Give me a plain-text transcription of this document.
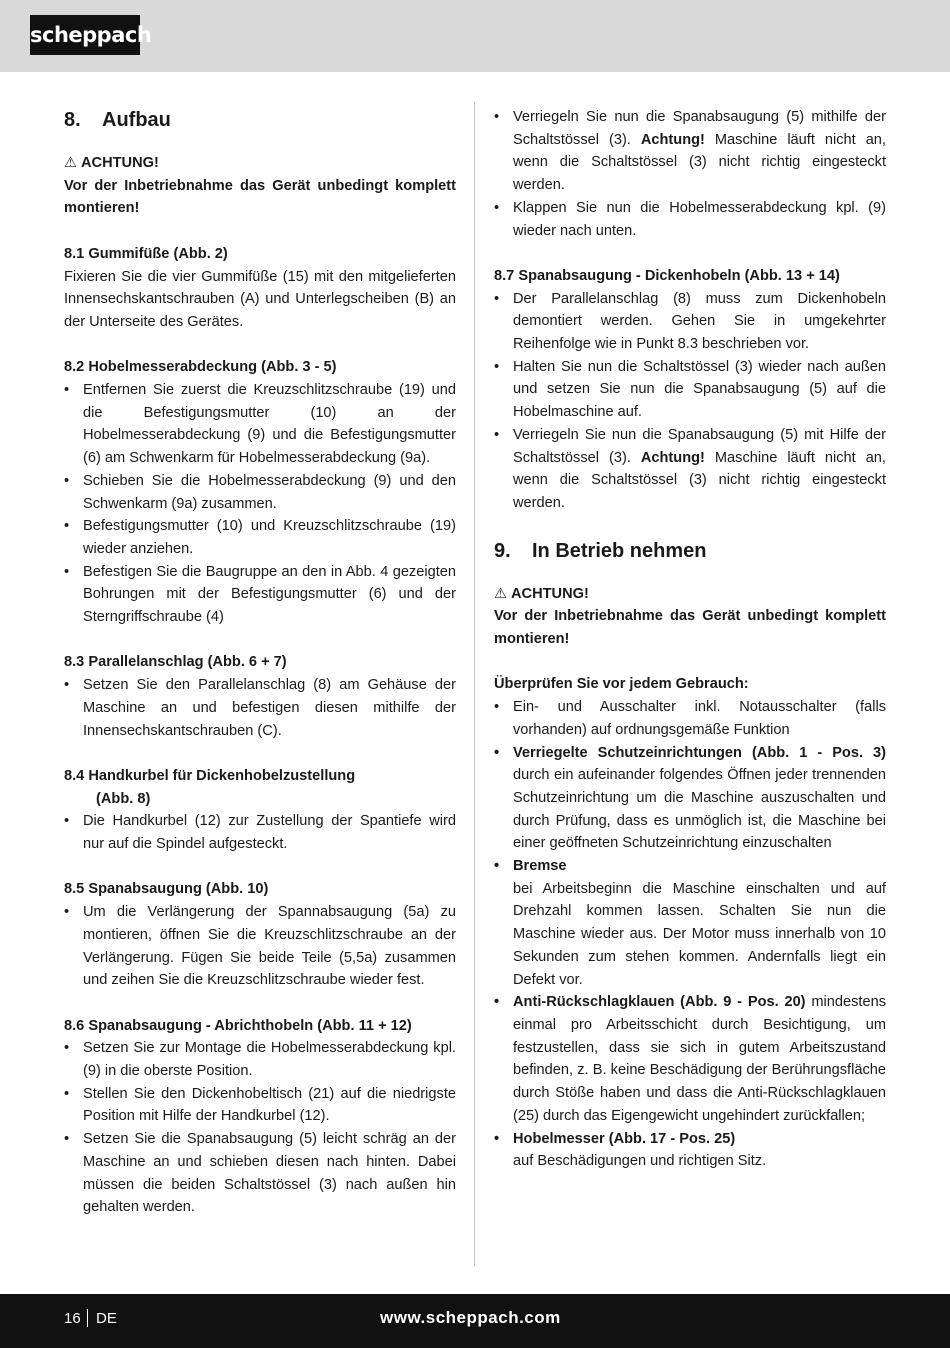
scheppach
8. Aufbau
⚠ ACHTUNG!

Vor der Inbetriebnahme das Gerät unbedingt komplett montieren!

8.1 Gummifüße (Abb. 2)

Fixieren Sie die vier Gummifüße (15) mit den mitgelieferten Innensechskantschrauben (A) und Unterlegscheiben (B) an der Unterseite des Gerätes.

8.2 Hobelmesserabdeckung (Abb. 3 - 5)
• Entfernen Sie zuerst die Kreuzschlitzschraube (19) und die Befestigungsmutter (10) an der Hobelmesserabdeckung (9) und die Befestigungsmutter (6) am Schwenkarm für Hobelmesserabdeckung (9a).
• Schieben Sie die Hobelmesserabdeckung (9) und den Schwenkarm (9a) zusammen.
• Befestigungsmutter (10) und Kreuzschlitzschraube (19) wieder anziehen.
• Befestigen Sie die Baugruppe an den in Abb. 4 gezeigten Bohrungen mit der Befestigungsmutter (6) und der Sterngriffschraube (4)
8.3 Parallelanschlag (Abb. 6 + 7)
• Setzen Sie den Parallelanschlag (8) am Gehäuse der Maschine an und befestigen diesen mithilfe der Innensechskantschrauben (C).
8.4 Handkurbel für Dickenhobelzustellung
(Abb. 8)
• Die Handkurbel (12) zur Zustellung der Spantiefe wird nur auf die Spindel aufgesteckt.
8.5 Spanabsaugung (Abb. 10)
• Um die Verlängerung der Spannabsaugung (5a) zu montieren, öffnen Sie die Kreuzschlitzschraube an der Verlängerung. Fügen Sie beide Teile (5,5a) zusammen und zeihen Sie die Kreuzschlitzschraube wieder fest.
8.6 Spanabsaugung - Abrichthobeln (Abb. 11 + 12)
• Setzen Sie zur Montage die Hobelmesserabdeckung kpl. (9) in die oberste Position.
• Stellen Sie den Dickenhobeltisch (21) auf die niedrigste Position mit Hilfe der Handkurbel (12).
• Setzen Sie die Spanabsaugung (5) leicht schräg an der Maschine an und schieben diesen nach hinten. Dabei müssen die beiden Schaltstössel (3) nach außen hin gehalten werden.
• Verriegeln Sie nun die Spanabsaugung (5) mithilfe der Schaltstössel (3). Achtung! Maschine läuft nicht an, wenn die Schaltstössel (3) nicht richtig eingesteckt werden.
• Klappen Sie nun die Hobelmesserabdeckung kpl. (9) wieder nach unten.
8.7 Spanabsaugung - Dickenhobeln (Abb. 13 + 14)
• Der Parallelanschlag (8) muss zum Dickenhobeln demontiert werden. Gehen Sie in umgekehrter Reihenfolge wie in Punkt 8.3 beschrieben vor.
• Halten Sie nun die Schaltstössel (3) wieder nach außen und setzen Sie nun die Spanabsaugung (5) auf die Hobelmaschine auf.
• Verriegeln Sie nun die Spanabsaugung (5) mit Hilfe der Schaltstössel (3). Achtung! Maschine läuft nicht an, wenn die Schaltstössel (3) nicht richtig eingesteckt werden.
9. In Betrieb nehmen
⚠ ACHTUNG!

Vor der Inbetriebnahme das Gerät unbedingt komplett montieren!

Überprüfen Sie vor jedem Gebrauch:
• Ein- und Ausschalter inkl. Notausschalter (falls vorhanden) auf ordnungsgemäße Funktion
• Verriegelte Schutzeinrichtungen (Abb. 1 - Pos. 3) durch ein aufeinander folgendes Öffnen jeder trennenden Schutzeinrichtung um die Maschine auszuschalten und durch Prüfung, dass es unmöglich ist, die Maschine bei einer geöffneten Schutzeinrichtung einzuschalten
• Bremse
bei Arbeitsbeginn die Maschine einschalten und auf Drehzahl kommen lassen. Schalten Sie nun die Maschine wieder aus. Der Motor muss innerhalb von 10 Sekunden zum stehen kommen. Andernfalls liegt ein Defekt vor.
• Anti-Rückschlagklauen (Abb. 9 - Pos. 20) mindestens einmal pro Arbeitsschicht durch Besichtigung, um festzustellen, dass sie sich in gutem Arbeitszustand befinden, z. B. keine Beschädigung der Berührungsfläche durch Stöße haben und dass die Anti-Rückschlagklauen (25) durch das Eigengewicht ungehindert zurückfallen;
• Hobelmesser (Abb. 17 - Pos. 25)
auf Beschädigungen und richtigen Sitz.
16 DE	www.scheppach.com
